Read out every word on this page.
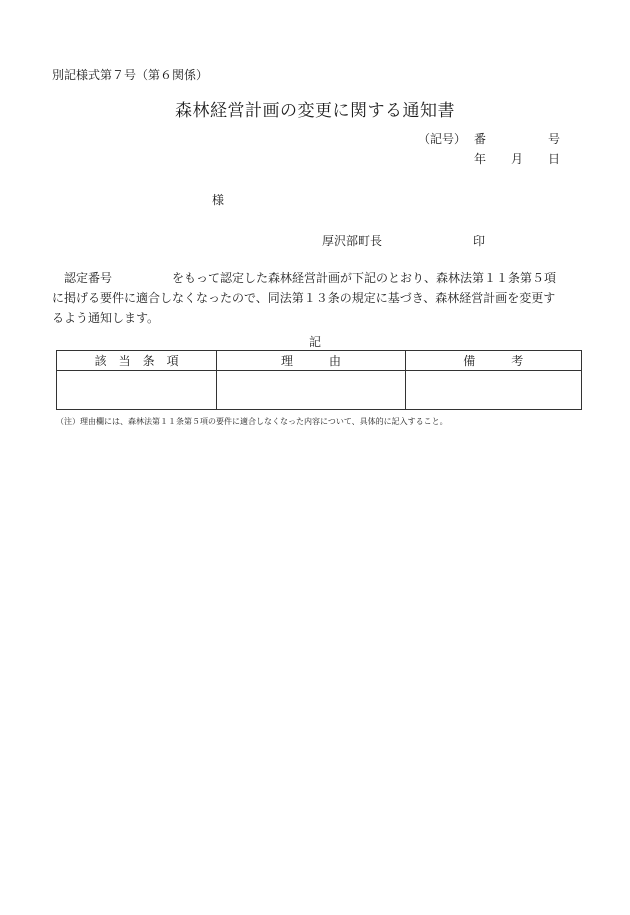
別記様式第７号（第６関係）
森林経営計画の変更に関する通知書
（記号） 番	号
年 月 日
様
厚沢部町長	印
認定番号　　　　　をもって認定した森林経営計画が下記のとおり、森林法第１１条第５項
に掲げる要件に適合しなくなったので、同法第１３条の規定に基づき、森林経営計画を変更す
るよう通知します。
記
該　当　条　項	理　　　由	備　　　考

（注）理由欄には、森林法第１１条第５項の要件に適合しなくなった内容について、具体的に記入すること。
